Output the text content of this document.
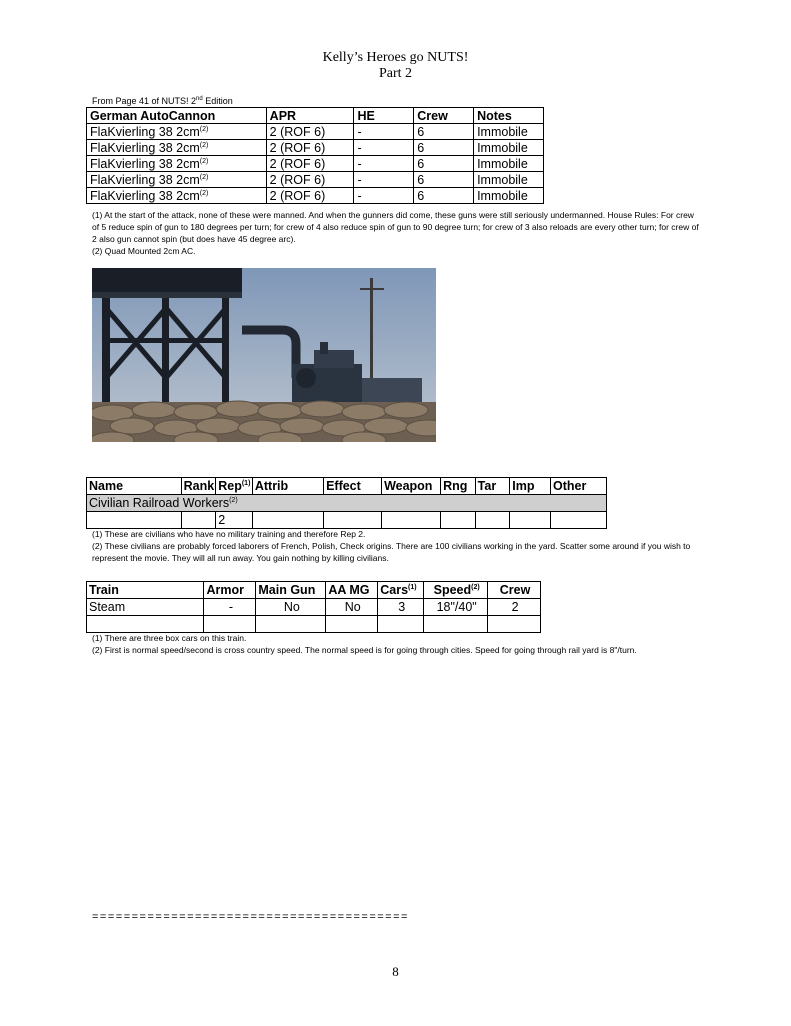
Kelly’s Heroes go NUTS!
Part 2
From Page 41 of NUTS! 2nd Edition
German AutoCannon	APR	HE	Crew	Notes
FlaKvierling 38 $2cm^{(2)}$	2 (ROF 6)	-	6	Immobile
FlaKvierling 38 $2cm^{(2)}$	2 (ROF 6)	-	6	Immobile
FlaKvierling 38 $2cm^{(2)}$	2 (ROF 6)	-	6	Immobile
FlaKvierling 38 $2cm^{(2)}$	2 (ROF 6)	-	6	Immobile
FlaKvierling 38 $2cm^{(2)}$	2 (ROF 6)	-	6	Immobile

(1) At the start of the attack, none of these were manned. And when the gunners did come, these guns were still seriously undermanned. House Rules: For crew of 5 reduce spin of gun to 180 degrees per turn; for crew of 4 also reduce spin of gun to 90 degree turn; for crew of 3 also reloads are every other turn; for crew of 2 also gun cannot spin (but does have 45 degree arc).

(2) Quad Mounted 2cm AC.

Name	Rank	Rep$^{(1)}$	Attrib	Effect	Weapon	Rng	Tar	Imp	Other
Civilian Railroad Workers$^{(2)}$
		2							

(1) These are civilians who have no military training and therefore Rep 2.

(2) These civilians are probably forced laborers of French, Polish, Check origins. There are 100 civilians working in the yard. Scatter some around if you wish to represent the movie. They will all run away. You gain nothing by killing civilians.

Train	Armor	Main Gun	AA MG	Cars$^{(1)}$	Speed$^{(2)}$	Crew
Steam	-	No	No	3	18"/40"	2

(1) There are three box cars on this train.

(2) First is normal speed/second is cross country speed. The normal speed is for going through cities. Speed for going through rail yard is 8"/turn.

========================================
8
